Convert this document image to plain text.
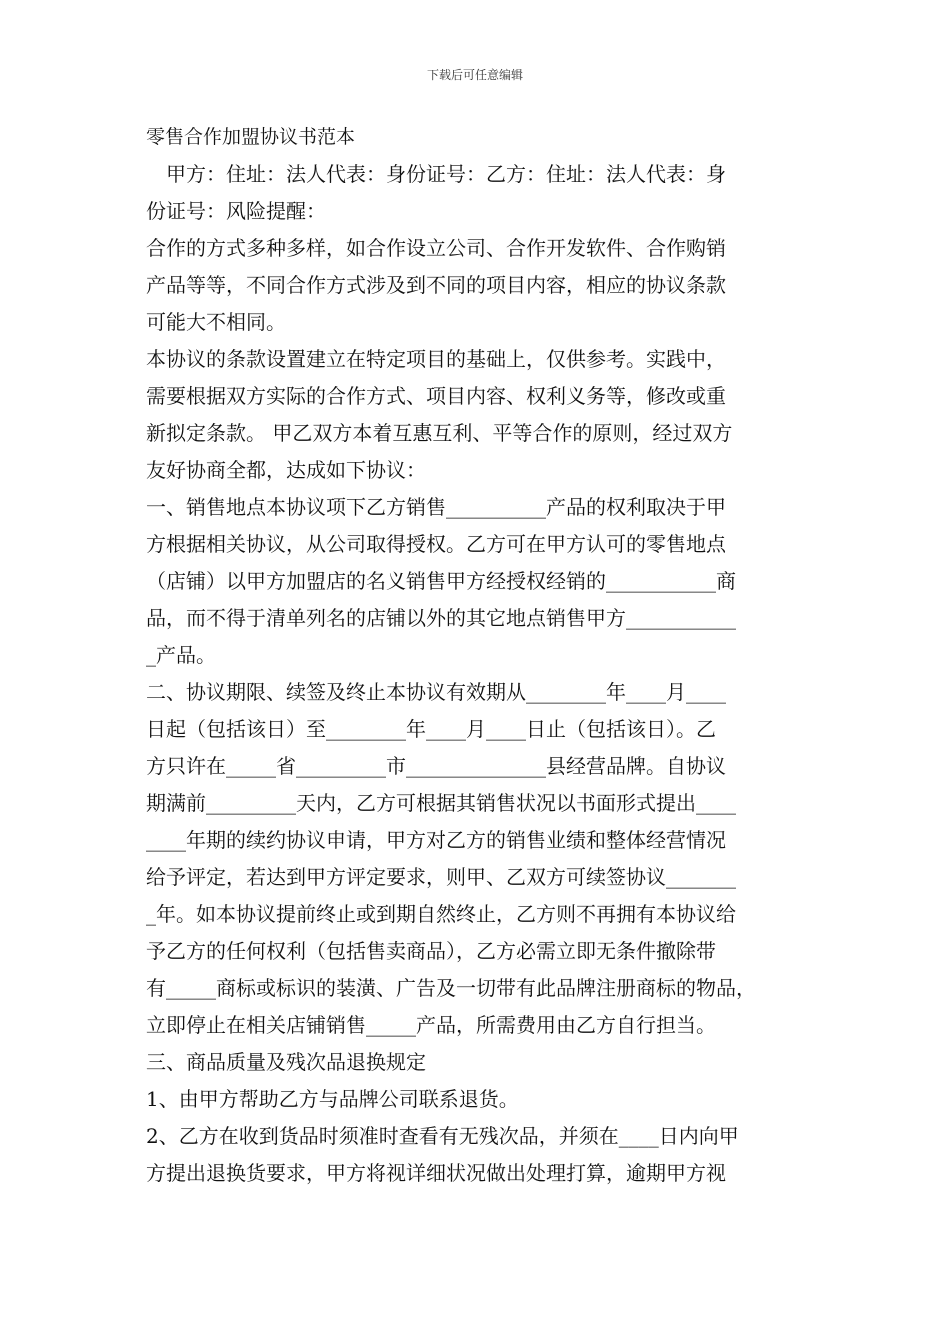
下载后可任意编辑
零售合作加盟协议书范本
　甲方：住址：法人代表：身份证号：乙方：住址：法人代表：身
份证号：风险提醒：
合作的方式多种多样，如合作设立公司、合作开发软件、合作购销
产品等等，不同合作方式涉及到不同的项目内容，相应的协议条款
可能大不相同。
本协议的条款设置建立在特定项目的基础上，仅供参考。实践中，
需要根据双方实际的合作方式、项目内容、权利义务等，修改或重
新拟定条款。 甲乙双方本着互惠互利、平等合作的原则，经过双方
友好协商全都，达成如下协议：
一、销售地点本协议项下乙方销售__________产品的权利取决于甲
方根据相关协议，从公司取得授权。乙方可在甲方认可的零售地点
（店铺）以甲方加盟店的名义销售甲方经授权经销的___________商
品，而不得于清单列名的店铺以外的其它地点销售甲方___________
_产品。
二、协议期限、续签及终止本协议有效期从________年____月____
日起（包括该日）至________年____月____日止（包括该日）。乙
方只许在_____省_________市______________县经营品牌。自协议
期满前_________天内，乙方可根据其销售状况以书面形式提出____
____年期的续约协议申请，甲方对乙方的销售业绩和整体经营情况
给予评定，若达到甲方评定要求，则甲、乙双方可续签协议_______
_年。如本协议提前终止或到期自然终止，乙方则不再拥有本协议给
予乙方的任何权利（包括售卖商品），乙方必需立即无条件撤除带
有_____商标或标识的装潢、广告及一切带有此品牌注册商标的物品，
立即停止在相关店铺销售_____产品，所需费用由乙方自行担当。
三、商品质量及残次品退换规定
1、由甲方帮助乙方与品牌公司联系退货。
2、乙方在收到货品时须准时查看有无残次品，并须在____日内向甲
方提出退换货要求，甲方将视详细状况做出处理打算，逾期甲方视
